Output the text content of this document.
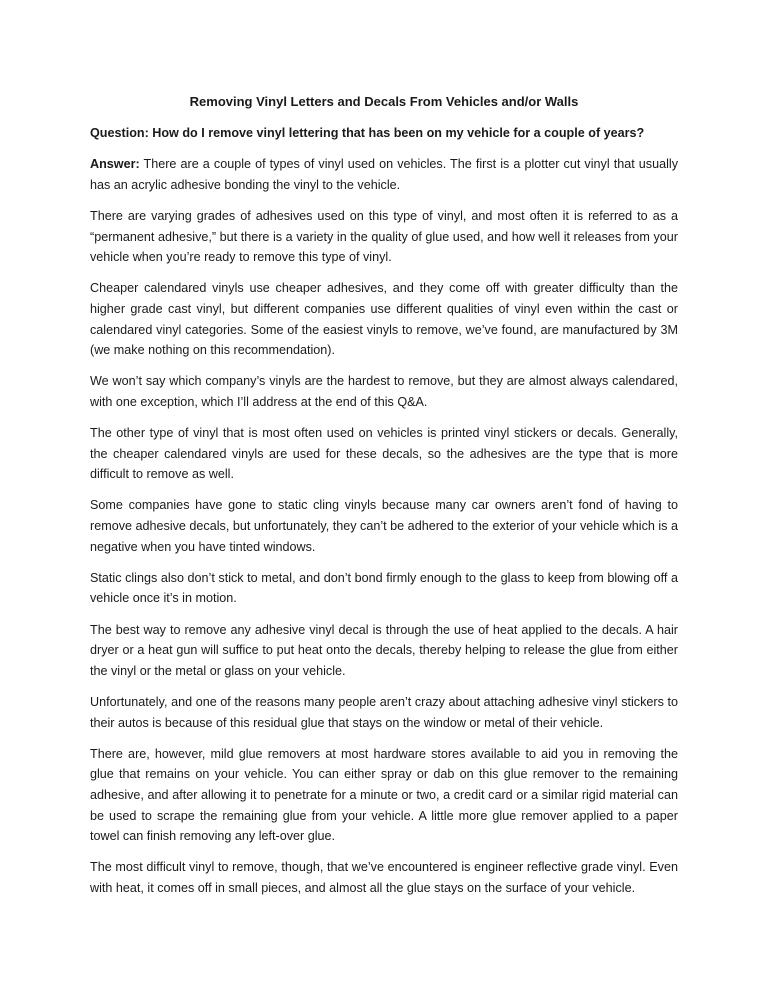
Removing Vinyl Letters and Decals From Vehicles and/or Walls

Question: How do I remove vinyl lettering that has been on my vehicle for a couple of years?

Answer: There are a couple of types of vinyl used on vehicles. The first is a plotter cut vinyl that usually has an acrylic adhesive bonding the vinyl to the vehicle.

There are varying grades of adhesives used on this type of vinyl, and most often it is referred to as a “permanent adhesive,” but there is a variety in the quality of glue used, and how well it releases from your vehicle when you’re ready to remove this type of vinyl.

Cheaper calendared vinyls use cheaper adhesives, and they come off with greater difficulty than the higher grade cast vinyl, but different companies use different qualities of vinyl even within the cast or calendared vinyl categories. Some of the easiest vinyls to remove, we’ve found, are manufactured by 3M (we make nothing on this recommendation).

We won’t say which company’s vinyls are the hardest to remove, but they are almost always calendared, with one exception, which I’ll address at the end of this Q&A.

The other type of vinyl that is most often used on vehicles is printed vinyl stickers or decals. Generally, the cheaper calendared vinyls are used for these decals, so the adhesives are the type that is more difficult to remove as well.

Some companies have gone to static cling vinyls because many car owners aren’t fond of having to remove adhesive decals, but unfortunately, they can’t be adhered to the exterior of your vehicle which is a negative when you have tinted windows.

Static clings also don’t stick to metal, and don’t bond firmly enough to the glass to keep from blowing off a vehicle once it’s in motion.

The best way to remove any adhesive vinyl decal is through the use of heat applied to the decals. A hair dryer or a heat gun will suffice to put heat onto the decals, thereby helping to release the glue from either the vinyl or the metal or glass on your vehicle.

Unfortunately, and one of the reasons many people aren’t crazy about attaching adhesive vinyl stickers to their autos is because of this residual glue that stays on the window or metal of their vehicle.

There are, however, mild glue removers at most hardware stores available to aid you in removing the glue that remains on your vehicle. You can either spray or dab on this glue remover to the remaining adhesive, and after allowing it to penetrate for a minute or two, a credit card or a similar rigid material can be used to scrape the remaining glue from your vehicle. A little more glue remover applied to a paper towel can finish removing any left-over glue.

The most difficult vinyl to remove, though, that we’ve encountered is engineer reflective grade vinyl. Even with heat, it comes off in small pieces, and almost all the glue stays on the surface of your vehicle.
